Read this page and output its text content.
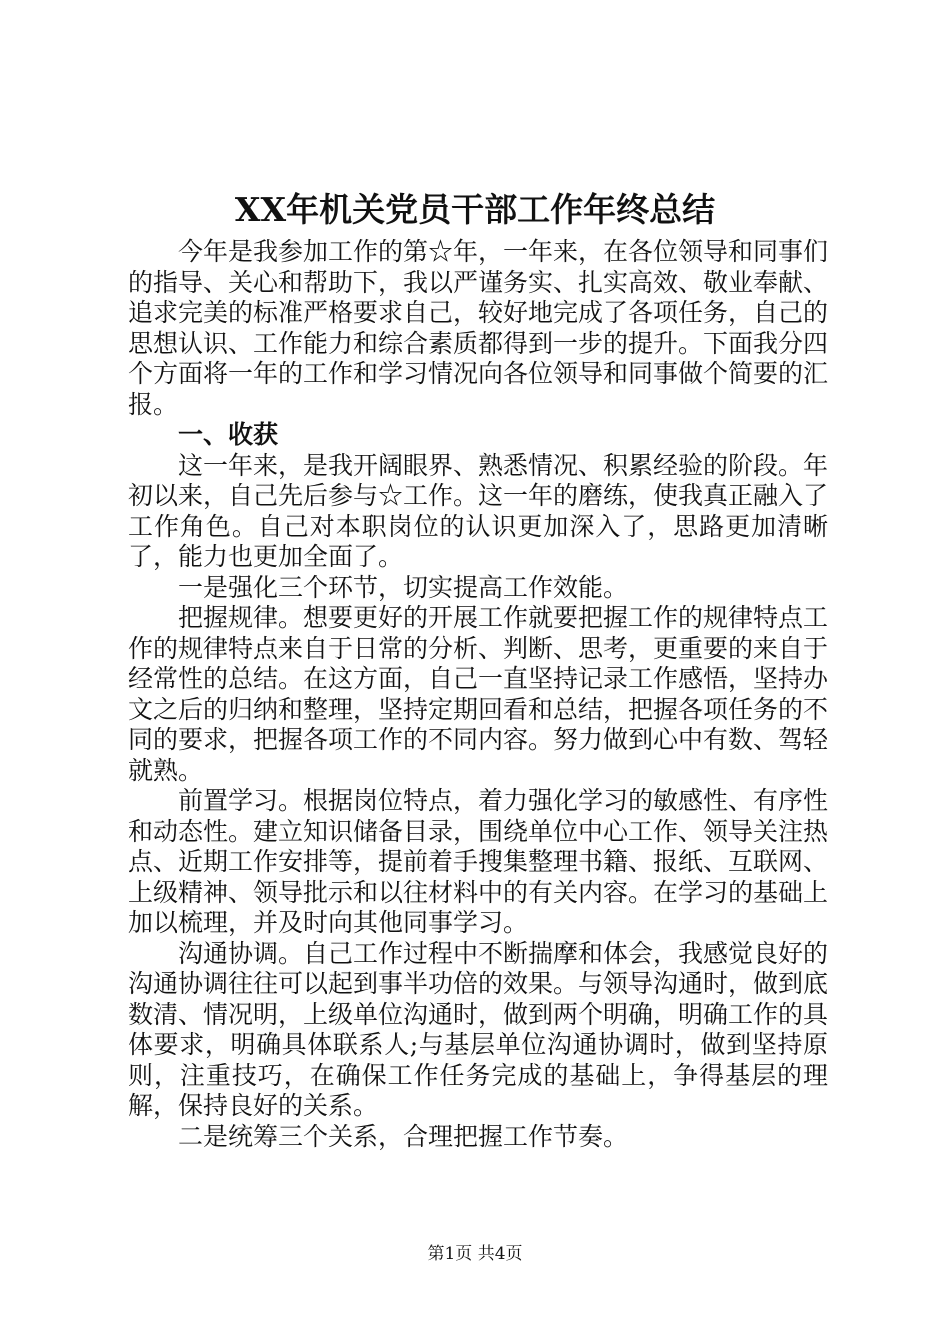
XX年机关党员干部工作年终总结

今年是我参加工作的第☆年，一年来，在各位领导和同事们的指导、关心和帮助下，我以严谨务实、扎实高效、敬业奉献、追求完美的标准严格要求自己，较好地完成了各项任务，自己的思想认识、工作能力和综合素质都得到一步的提升。下面我分四个方面将一年的工作和学习情况向各位领导和同事做个简要的汇报。

一、收获

这一年来，是我开阔眼界、熟悉情况、积累经验的阶段。年初以来，自己先后参与☆工作。这一年的磨练，使我真正融入了工作角色。自己对本职岗位的认识更加深入了，思路更加清晰了，能力也更加全面了。

一是强化三个环节，切实提高工作效能。

把握规律。想要更好的开展工作就要把握工作的规律特点工作的规律特点来自于日常的分析、判断、思考，更重要的来自于经常性的总结。在这方面，自己一直坚持记录工作感悟，坚持办文之后的归纳和整理，坚持定期回看和总结，把握各项任务的不同的要求，把握各项工作的不同内容。努力做到心中有数、驾轻就熟。

前置学习。根据岗位特点，着力强化学习的敏感性、有序性和动态性。建立知识储备目录，围绕单位中心工作、领导关注热点、近期工作安排等，提前着手搜集整理书籍、报纸、互联网、上级精神、领导批示和以往材料中的有关内容。在学习的基础上加以梳理，并及时向其他同事学习。

沟通协调。自己工作过程中不断揣摩和体会，我感觉良好的沟通协调往往可以起到事半功倍的效果。与领导沟通时，做到底数清、情况明，上级单位沟通时，做到两个明确，明确工作的具体要求，明确具体联系人;与基层单位沟通协调时，做到坚持原则，注重技巧，在确保工作任务完成的基础上，争得基层的理解，保持良好的关系。

二是统筹三个关系，合理把握工作节奏。

第1页 共4页
